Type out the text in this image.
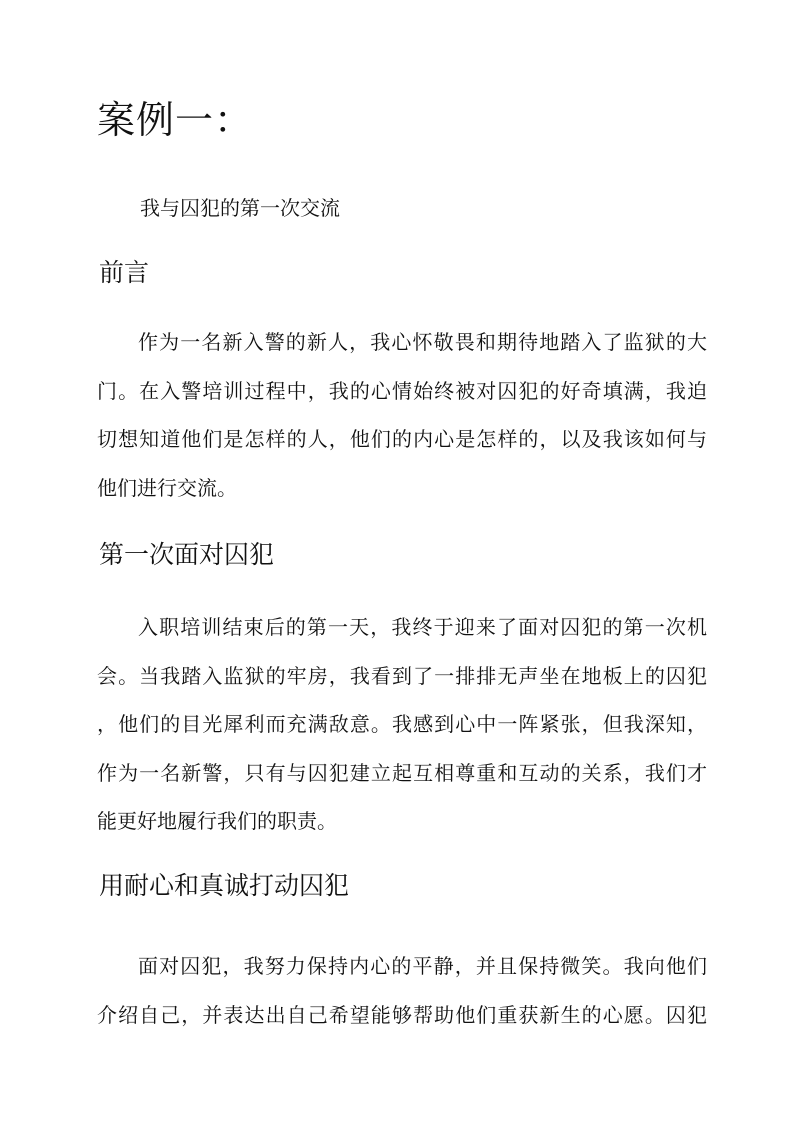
案例一：

我与囚犯的第一次交流

前言
作为一名新入警的新人，我心怀敬畏和期待地踏入了监狱的大
门。在入警培训过程中，我的心情始终被对囚犯的好奇填满，我迫
切想知道他们是怎样的人，他们的内心是怎样的，以及我该如何与
他们进行交流。
第一次面对囚犯
入职培训结束后的第一天，我终于迎来了面对囚犯的第一次机
会。当我踏入监狱的牢房，我看到了一排排无声坐在地板上的囚犯
，他们的目光犀利而充满敌意。我感到心中一阵紧张，但我深知，
作为一名新警，只有与囚犯建立起互相尊重和互动的关系，我们才
能更好地履行我们的职责。
用耐心和真诚打动囚犯
面对囚犯，我努力保持内心的平静，并且保持微笑。我向他们
介绍自己，并表达出自己希望能够帮助他们重获新生的心愿。囚犯
